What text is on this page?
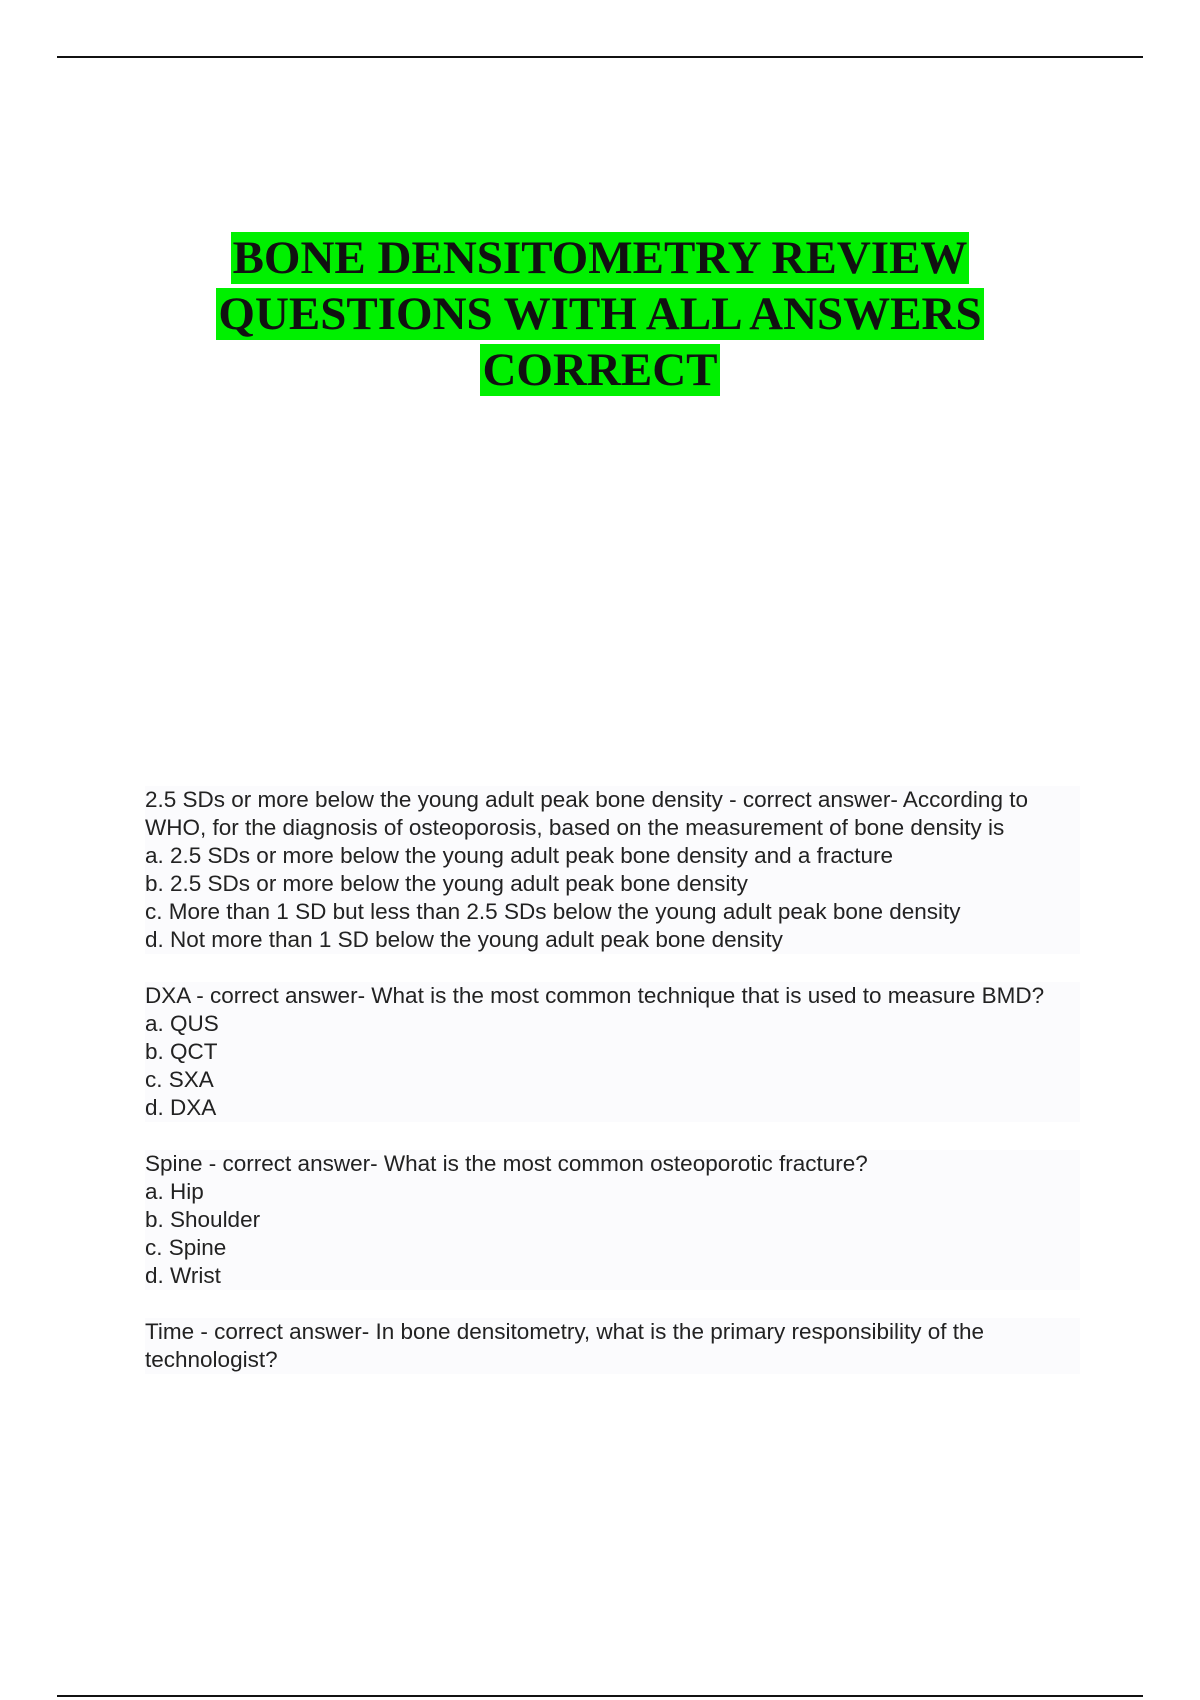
BONE DENSITOMETRY REVIEW
QUESTIONS WITH ALL ANSWERS
CORRECT

2.5 SDs or more below the young adult peak bone density - correct answer- According to WHO, for the diagnosis of osteoporosis, based on the measurement of bone density is

a. 2.5 SDs or more below the young adult peak bone density and a fracture
b. 2.5 SDs or more below the young adult peak bone density
c. More than 1 SD but less than 2.5 SDs below the young adult peak bone density
d. Not more than 1 SD below the young adult peak bone density

DXA - correct answer- What is the most common technique that is used to measure BMD?

a. QUS
b. QCT
c. SXA
d. DXA

Spine - correct answer- What is the most common osteoporotic fracture?

a. Hip
b. Shoulder
c. Spine
d. Wrist

Time - correct answer- In bone densitometry, what is the primary responsibility of the technologist?
